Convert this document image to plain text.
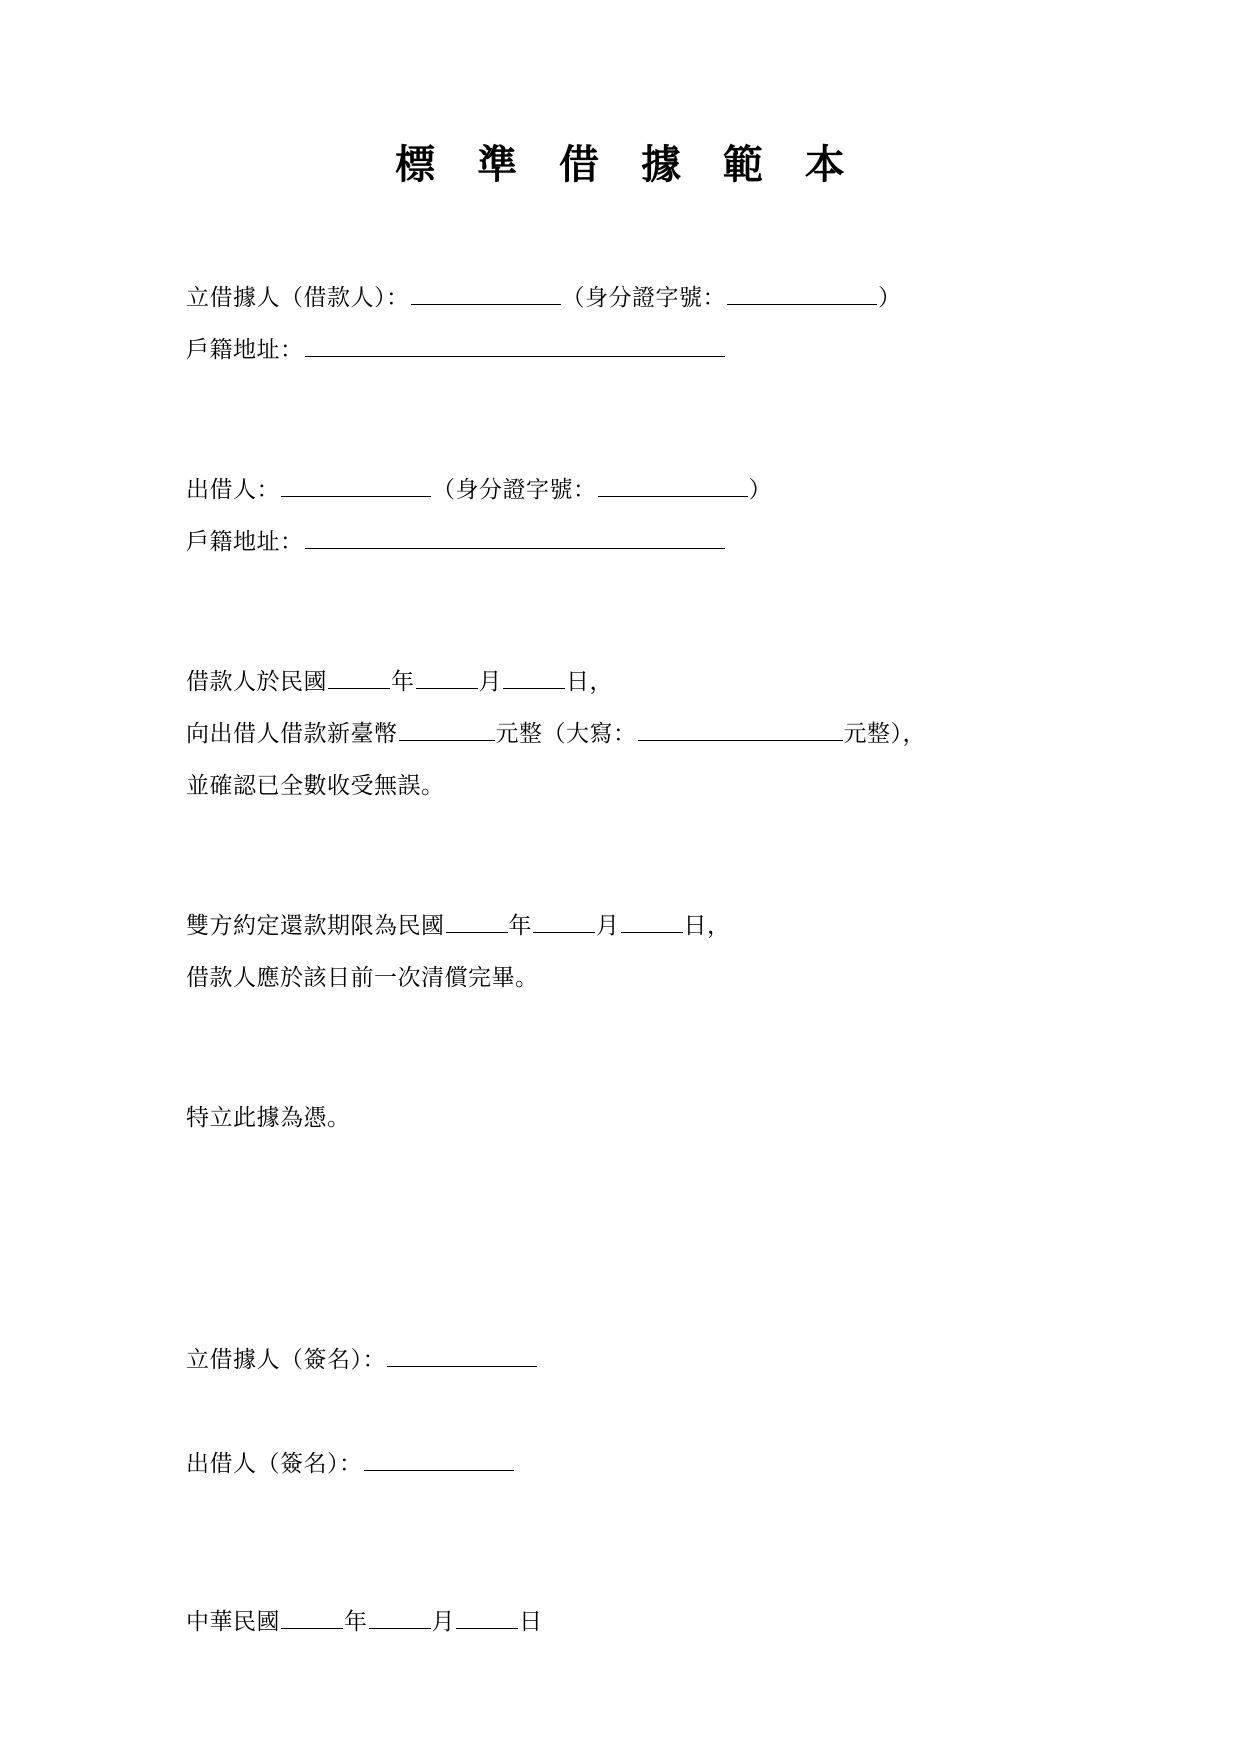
標 準 借 據 範 本
立借據人（借款人）：	（身分證字號：	）
戶籍地址：
出借人：	（身分證字號：	）
戶籍地址：
借款人於民國	年	月	日，
向出借人借款新臺幣	元整（大寫：	元整），
並確認已全數收受無誤。
雙方約定還款期限為民國	年	月	日，
借款人應於該日前一次清償完畢。
特立此據為憑。
立借據人（簽名）：
出借人（簽名）：
中華民國	年	月	日
